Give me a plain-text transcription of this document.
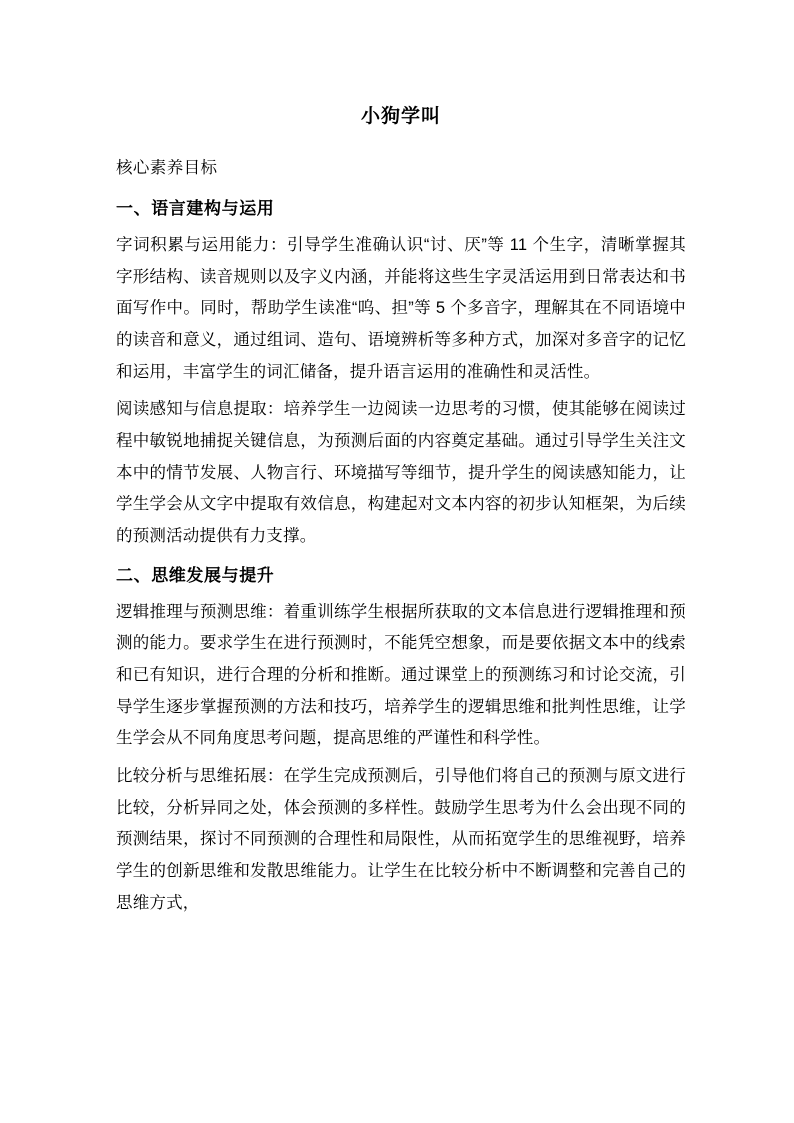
小狗学叫

核心素养目标

一、语言建构与运用

字词积累与运用能力：引导学生准确认识“讨、厌”等 11 个生字，清晰掌握其字形结构、读音规则以及字义内涵，并能将这些生字灵活运用到日常表达和书面写作中。同时，帮助学生读准“呜、担”等 5 个多音字，理解其在不同语境中的读音和意义，通过组词、造句、语境辨析等多种方式，加深对多音字的记忆和运用，丰富学生的词汇储备，提升语言运用的准确性和灵活性。

阅读感知与信息提取：培养学生一边阅读一边思考的习惯，使其能够在阅读过程中敏锐地捕捉关键信息，为预测后面的内容奠定基础。通过引导学生关注文本中的情节发展、人物言行、环境描写等细节，提升学生的阅读感知能力，让学生学会从文字中提取有效信息，构建起对文本内容的初步认知框架，为后续的预测活动提供有力支撑。

二、思维发展与提升

逻辑推理与预测思维：着重训练学生根据所获取的文本信息进行逻辑推理和预测的能力。要求学生在进行预测时，不能凭空想象，而是要依据文本中的线索和已有知识，进行合理的分析和推断。通过课堂上的预测练习和讨论交流，引导学生逐步掌握预测的方法和技巧，培养学生的逻辑思维和批判性思维，让学生学会从不同角度思考问题，提高思维的严谨性和科学性。

比较分析与思维拓展：在学生完成预测后，引导他们将自己的预测与原文进行比较，分析异同之处，体会预测的多样性。鼓励学生思考为什么会出现不同的预测结果，探讨不同预测的合理性和局限性，从而拓宽学生的思维视野，培养学生的创新思维和发散思维能力。让学生在比较分析中不断调整和完善自己的思维方式，
